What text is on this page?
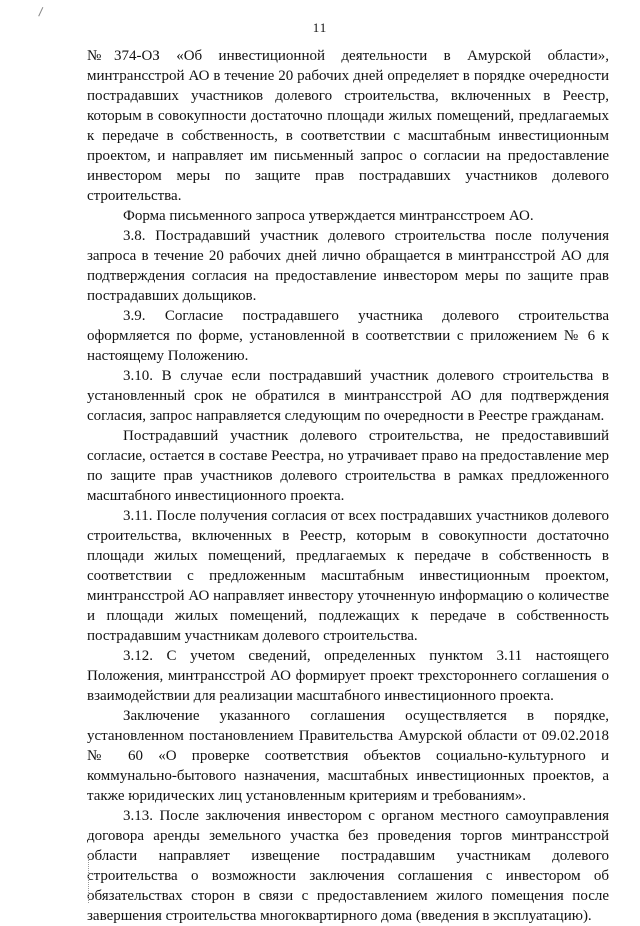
11

№374-ОЗ «Об инвестиционной деятельности в Амурской области», минтрансстрой АО в течение 20 рабочих дней определяет в порядке очередности пострадавших участников долевого строительства, включенных в Реестр, которым в совокупности достаточно площади жилых помещений, предлагаемых к передаче в собственность, в соответствии с масштабным инвестиционным проектом, и направляет им письменный запрос о согласии на предоставление инвестором меры по защите прав пострадавших участников долевого строительства.

Форма письменного запроса утверждается минтрансстроем АО.

3.8. Пострадавший участник долевого строительства после получения запроса в течение 20 рабочих дней лично обращается в минтрансстрой АО для подтверждения согласия на предоставление инвестором меры по защите прав пострадавших дольщиков.

3.9. Согласие пострадавшего участника долевого строительства оформляется по форме, установленной в соответствии с приложением № 6 к настоящему Положению.

3.10. В случае если пострадавший участник долевого строительства в установленный срок не обратился в минтрансстрой АО для подтверждения согласия, запрос направляется следующим по очередности в Реестре гражданам.

Пострадавший участник долевого строительства, не предоставивший согласие, остается в составе Реестра, но утрачивает право на предоставление мер по защите прав участников долевого строительства в рамках предложенного масштабного инвестиционного проекта.

3.11. После получения согласия от всех пострадавших участников долевого строительства, включенных в Реестр, которым в совокупности достаточно площади жилых помещений, предлагаемых к передаче в собственность в соответствии с предложенным масштабным инвестиционным проектом, минтрансстрой АО направляет инвестору уточненную информацию о количестве и площади жилых помещений, подлежащих к передаче в собственность пострадавшим участникам долевого строительства.

3.12. С учетом сведений, определенных пунктом 3.11 настоящего Положения, минтрансстрой АО формирует проект трехстороннего соглашения о взаимодействии для реализации масштабного инвестиционного проекта.

Заключение указанного соглашения осуществляется в порядке, установленном постановлением Правительства Амурской области от 09.02.2018 № 60 «О проверке соответствия объектов социально-культурного и коммунально-бытового назначения, масштабных инвестиционных проектов, а также юридических лиц установленным критериям и требованиям».

3.13. После заключения инвестором с органом местного самоуправления договора аренды земельного участка без проведения торгов минтрансстрой области направляет извещение пострадавшим участникам долевого строительства о возможности заключения соглашения с инвестором об обязательствах сторон в связи с предоставлением жилого помещения после завершения строительства многоквартирного дома (введения в эксплуатацию).
